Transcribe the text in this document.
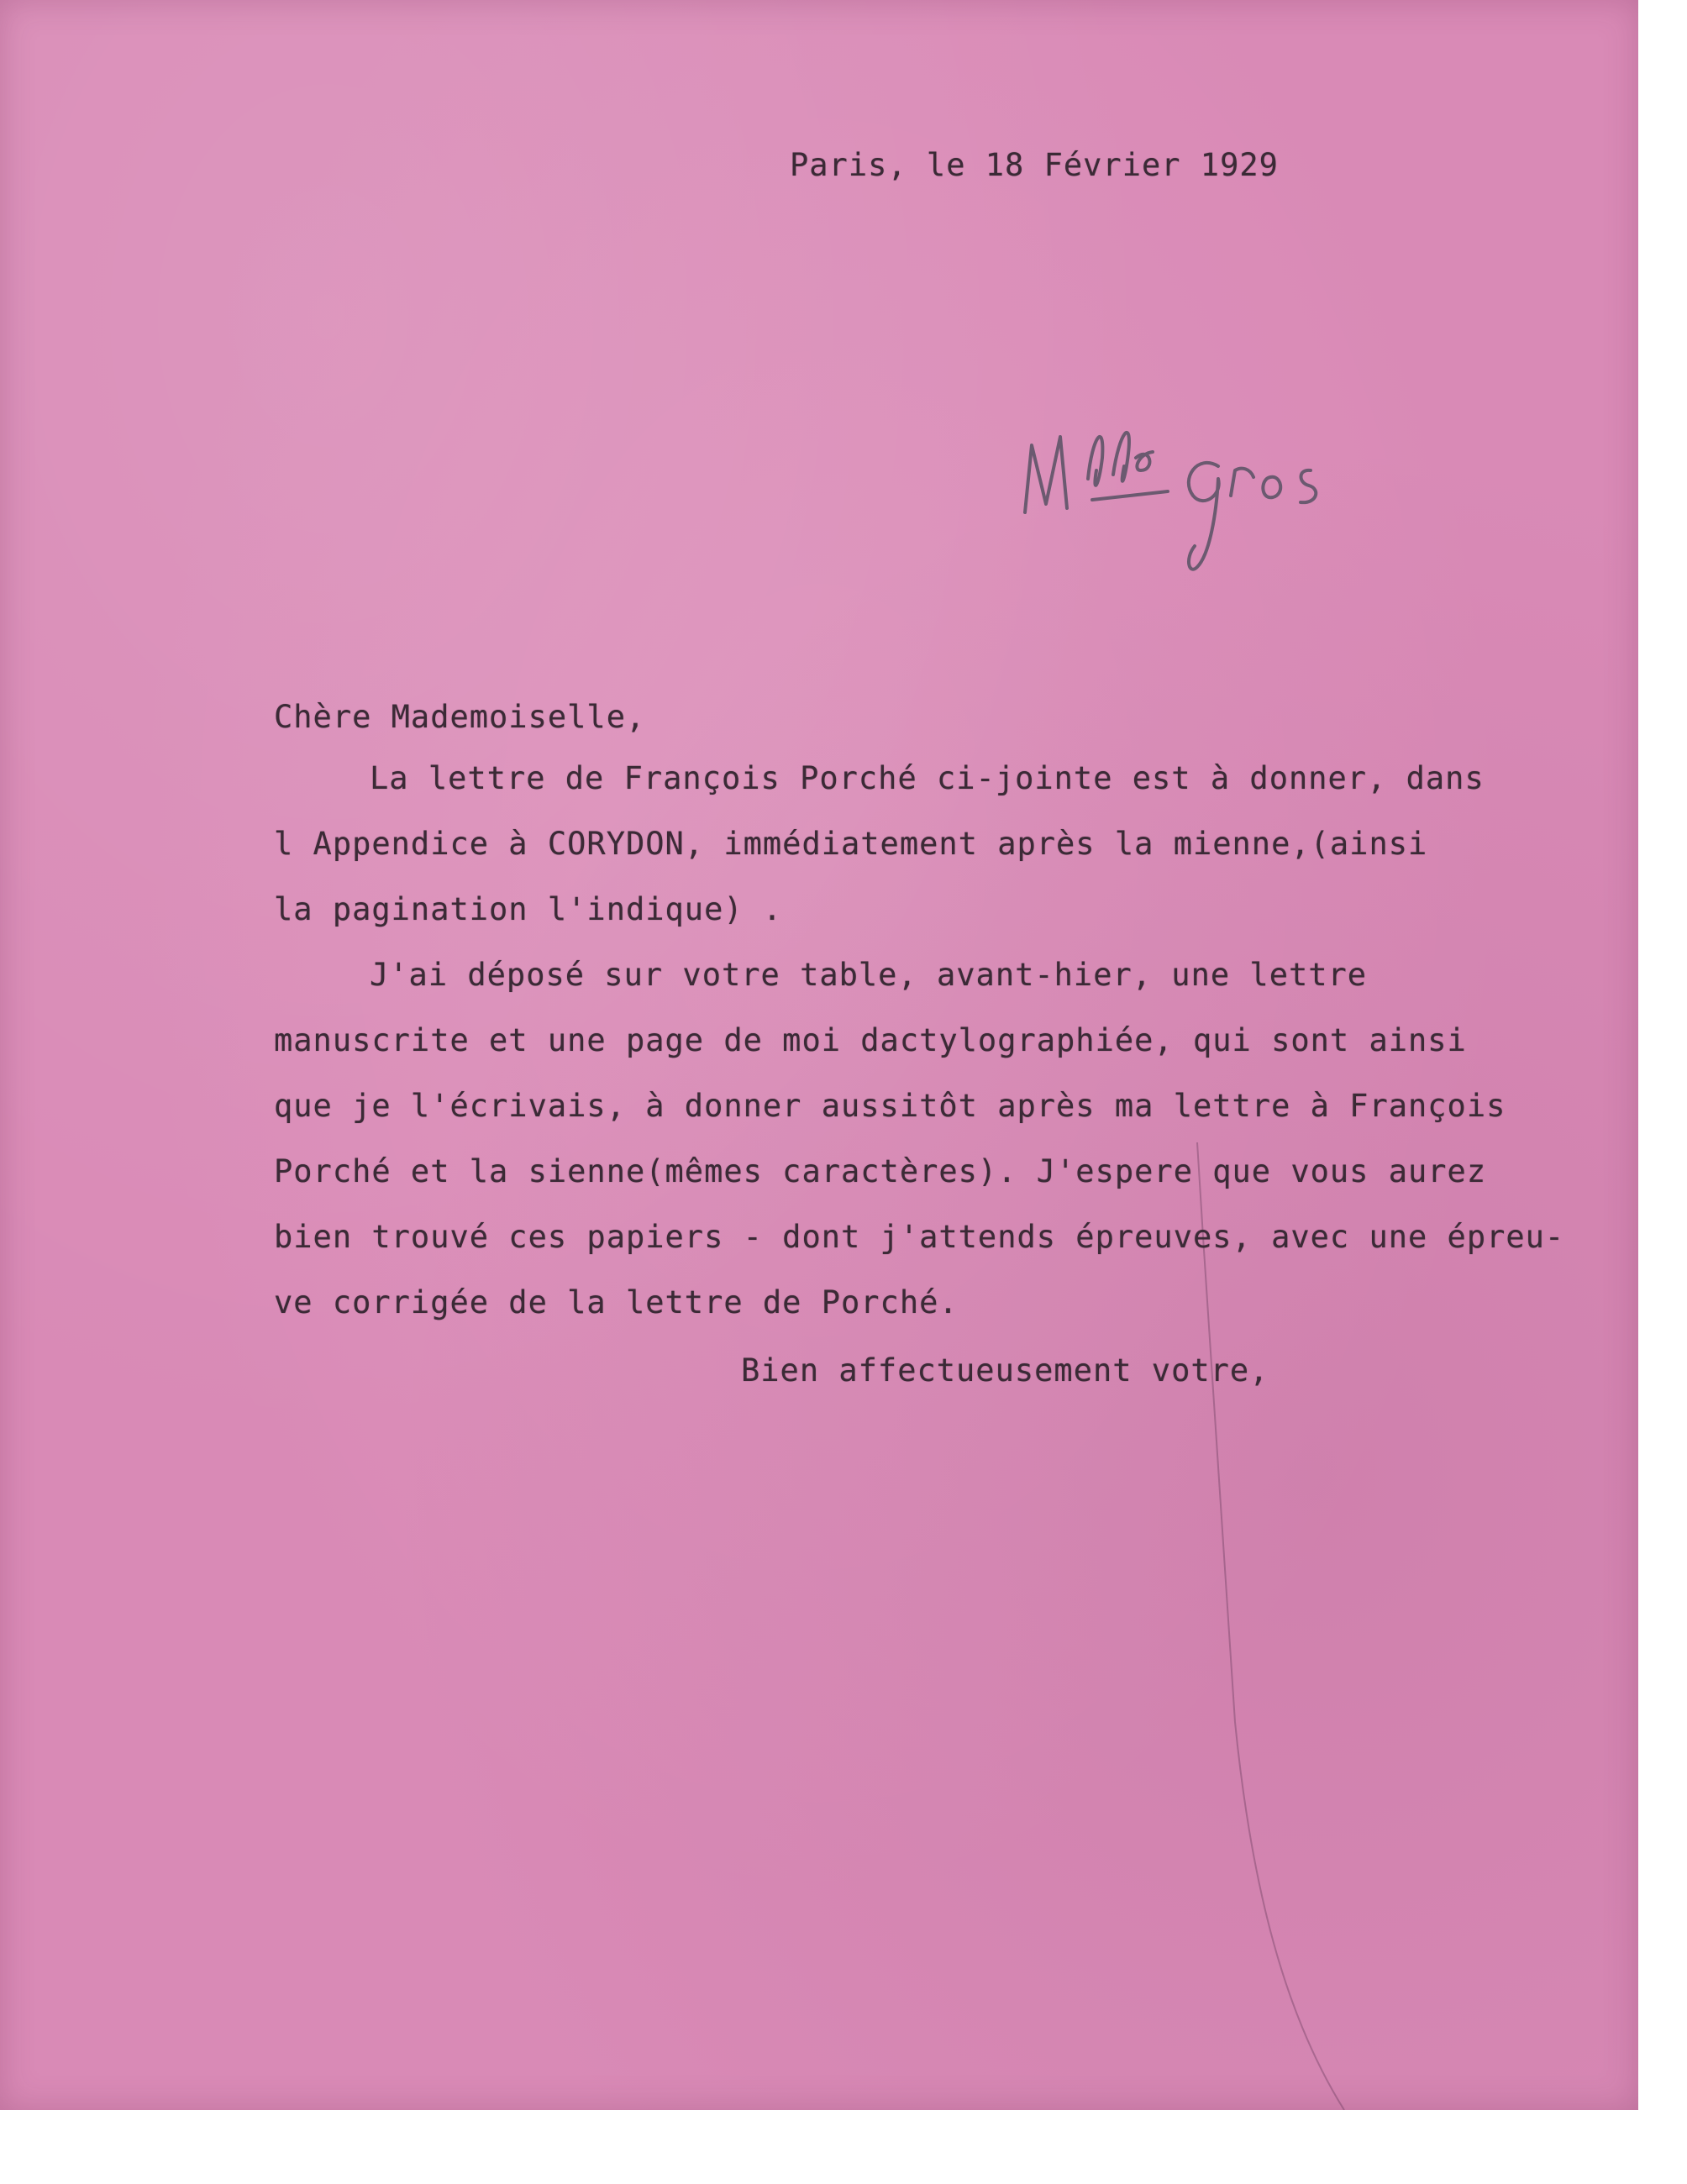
Paris, le 18 Février 1929
Chère Mademoiselle,
La lettre de François Porché ci-jointe est à donner, dans
l Appendice à CORYDON, immédiatement après la mienne,(ainsi
la pagination l'indique) .
J'ai déposé sur votre table, avant-hier, une lettre
manuscrite et une page de moi dactylographiée, qui sont ainsi
que je l'écrivais, à donner aussitôt après ma lettre à François
Porché et la sienne(mêmes caractères). J'espere que vous aurez
bien trouvé ces papiers - dont j'attends épreuves, avec une épreu-
ve corrigée de la lettre de Porché.
Bien affectueusement votre,
